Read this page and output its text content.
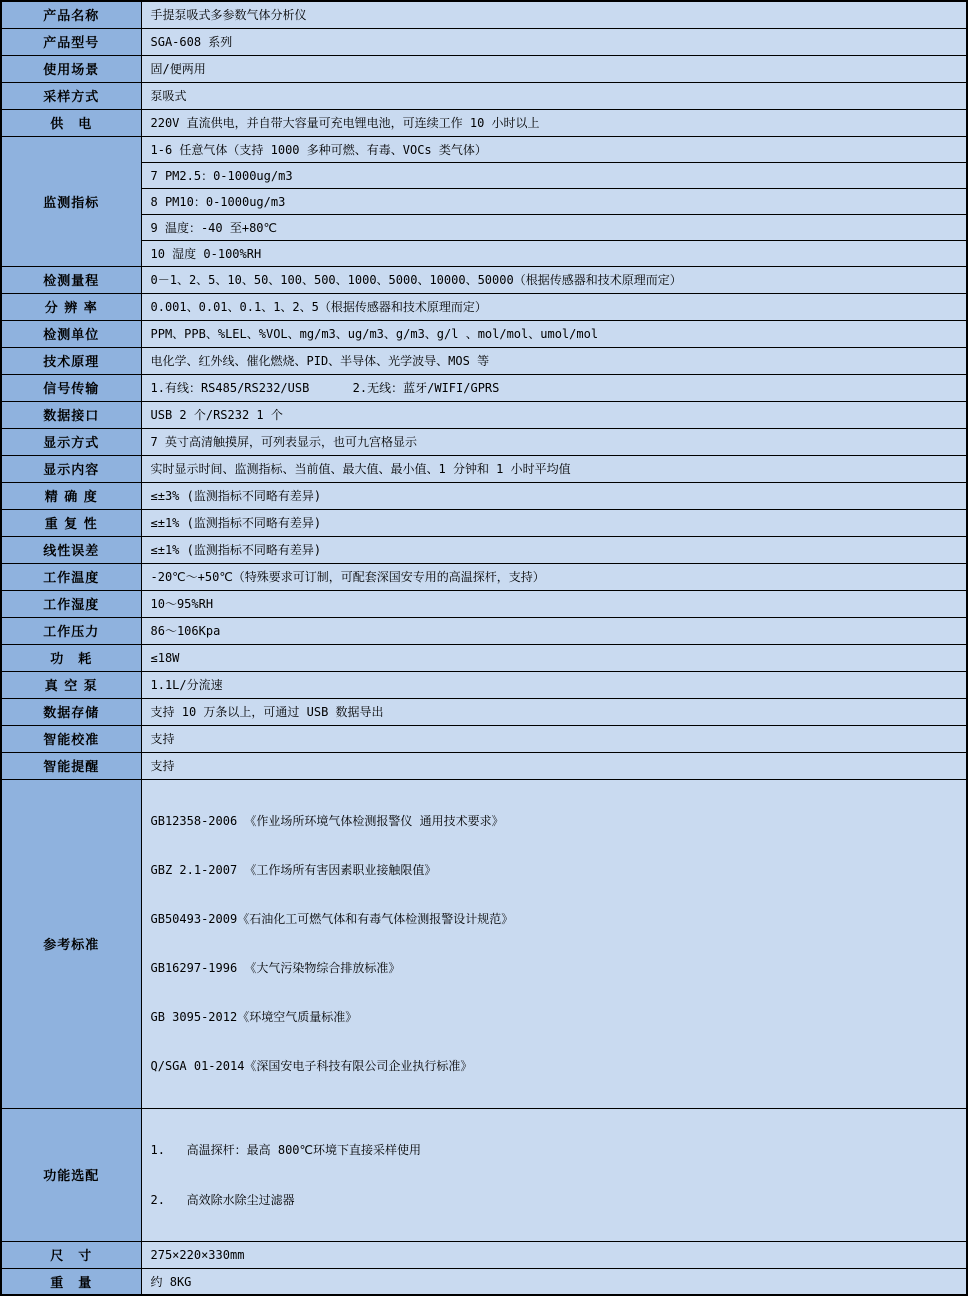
产品名称	手提泵吸式多参数气体分析仪
产品型号	SGA-608 系列
使用场景	固/便两用
采样方式	泵吸式
供　电	220V 直流供电，并自带大容量可充电锂电池，可连续工作 10 小时以上
监测指标	1-6 任意气体（支持 1000 多种可燃、有毒、VOCs 类气体）
	7 PM2.5：0-1000ug/m3
	8 PM10：0-1000ug/m3
	9 温度：-40 至+80℃
	10 湿度 0-100%RH
检测量程	0－1、2、5、10、50、100、500、1000、5000、10000、50000（根据传感器和技术原理而定）
分 辨 率	0.001、0.01、0.1、1、2、5（根据传感器和技术原理而定）
检测单位	PPM、PPB、%LEL、%VOL、mg/m3、ug/m3、g/m3、g/l 、mol/mol、umol/mol
技术原理	电化学、红外线、催化燃烧、PID、半导体、光学波导、MOS 等
信号传输	1.有线：RS485/RS232/USB      2.无线：蓝牙/WIFI/GPRS
数据接口	USB 2 个/RS232 1 个
显示方式	7 英寸高清触摸屏，可列表显示，也可九宫格显示
显示内容	实时显示时间、监测指标、当前值、最大值、最小值、1 分钟和 1 小时平均值
精 确 度	≤±3% (监测指标不同略有差异)
重 复 性	≤±1% (监测指标不同略有差异)
线性误差	≤±1% (监测指标不同略有差异)
工作温度	-20℃～+50℃（特殊要求可订制，可配套深国安专用的高温探杆，支持）
工作湿度	10～95%RH
工作压力	86～106Kpa
功　耗	≤18W
真 空 泵	1.1L/分流速
数据存储	支持 10 万条以上，可通过 USB 数据导出
智能校准	支持
智能提醒	支持
参考标准	

GB12358-2006 《作业场所环境气体检测报警仪 通用技术要求》

GBZ 2.1-2007 《工作场所有害因素职业接触限值》

GB50493-2009《石油化工可燃气体和有毒气体检测报警设计规范》

GB16297-1996 《大气污染物综合排放标准》

GB 3095-2012《环境空气质量标准》

Q/SGA 01-2014《深国安电子科技有限公司企业执行标准》

功能选配	1.   高温探杆：最高 800℃环境下直接采样使用

2.   高效除水除尘过滤器

尺　寸	275×220×330mm
重　量	约 8KG
